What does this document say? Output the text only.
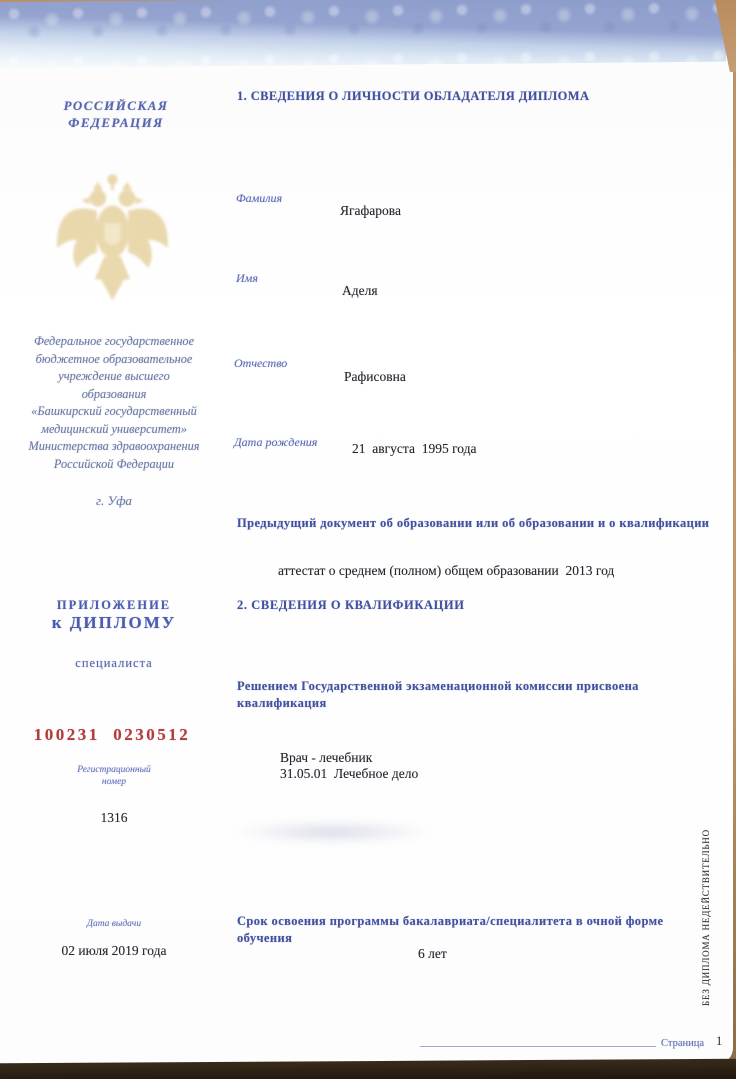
РОССИЙСКАЯ
ФЕДЕРАЦИЯ
Федеральное государственное
бюджетное образовательное
учреждение высшего
образования
«Башкирский государственный
медицинский университет»
Министерства здравоохранения
Российской Федерации
г. Уфа
ПРИЛОЖЕНИЕ
к ДИПЛОМУ
специалиста
100231  0230512
Регистрационный
номер
1316
Дата выдачи
02 июля 2019 года
1. СВЕДЕНИЯ О ЛИЧНОСТИ ОБЛАДАТЕЛЯ ДИПЛОМА
Фамилия
Ягафарова
Имя
Аделя
Отчество
Рафисовна
Дата рождения	21  августа  1995 года
Предыдущий документ об образовании или об образовании и о квалификации
аттестат о среднем (полном) общем образовании  2013 год
2. СВЕДЕНИЯ О КВАЛИФИКАЦИИ
Решением Государственной экзаменационной комиссии присвоена квалификация
Врач - лечебник
31.05.01  Лечебное дело
Срок освоения программы бакалавриата/специалитета в очной форме обучения
6 лет	БЕЗ ДИПЛОМА НЕДЕЙСТВИТЕЛЬНО
Страница 1
